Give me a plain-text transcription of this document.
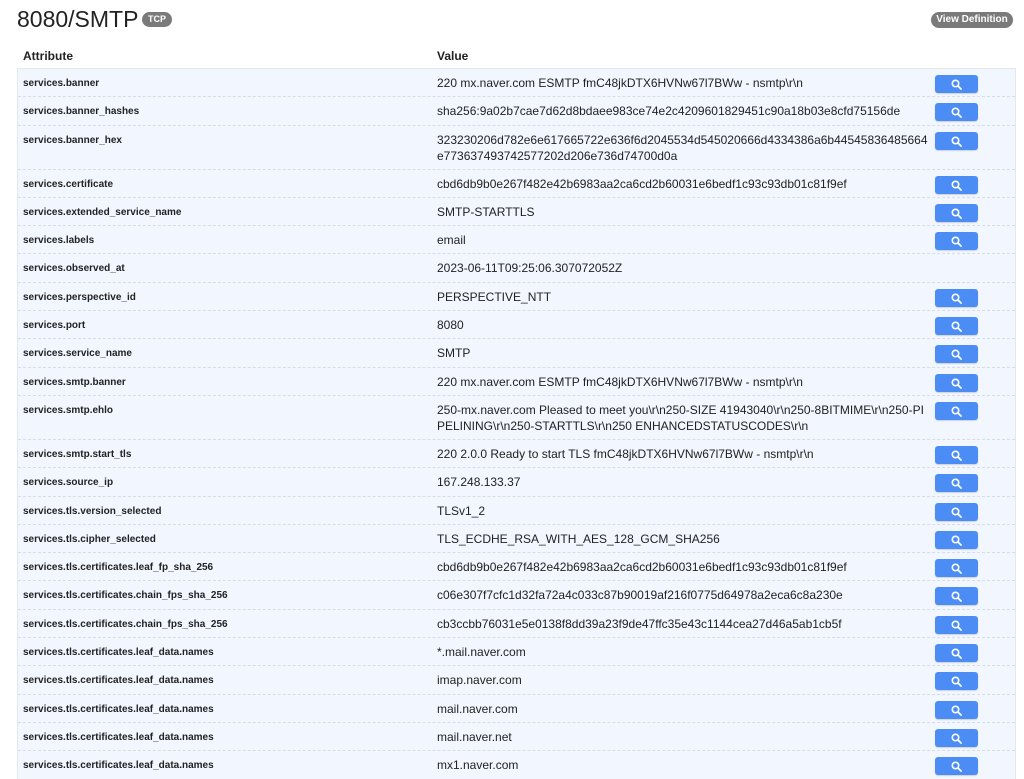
8080/SMTP	TCP	View Definition
Attribute	Value
services.banner	220 mx.naver.com ESMTP fmC48jkDTX6HVNw67l7BWw - nsmtp\r\n
services.banner_hashes	sha256:9a02b7cae7d62d8bdaee983ce74e2c4209601829451c90a18b03e8cfd75156de
services.banner_hex	323230206d782e6e617665722e636f6d2045534d545020666d4334386a6b44545836485664e773637493742577202d206e736d74700d0a
services.certificate	cbd6db9b0e267f482e42b6983aa2ca6cd2b60031e6bedf1c93c93db01c81f9ef
services.extended_service_name	SMTP-STARTTLS
services.labels	email
services.observed_at	2023-06-11T09:25:06.307072052Z
services.perspective_id	PERSPECTIVE_NTT
services.port	8080
services.service_name	SMTP
services.smtp.banner	220 mx.naver.com ESMTP fmC48jkDTX6HVNw67l7BWw - nsmtp\r\n
services.smtp.ehlo	250-mx.naver.com Pleased to meet you\r\n250-SIZE 41943040\r\n250-8BITMIME\r\n250-PIPELINING\r\n250-STARTTLS\r\n250 ENHANCEDSTATUSCODES\r\n
services.smtp.start_tls	220 2.0.0 Ready to start TLS fmC48jkDTX6HVNw67l7BWw - nsmtp\r\n
services.source_ip	167.248.133.37
services.tls.version_selected	TLSv1_2
services.tls.cipher_selected	TLS_ECDHE_RSA_WITH_AES_128_GCM_SHA256
services.tls.certificates.leaf_fp_sha_256	cbd6db9b0e267f482e42b6983aa2ca6cd2b60031e6bedf1c93c93db01c81f9ef
services.tls.certificates.chain_fps_sha_256	c06e307f7cfc1d32fa72a4c033c87b90019af216f0775d64978a2eca6c8a230e
services.tls.certificates.chain_fps_sha_256	cb3ccbb76031e5e0138f8dd39a23f9de47ffc35e43c1144cea27d46a5ab1cb5f
services.tls.certificates.leaf_data.names	*.mail.naver.com
services.tls.certificates.leaf_data.names	imap.naver.com
services.tls.certificates.leaf_data.names	mail.naver.com
services.tls.certificates.leaf_data.names	mail.naver.net
services.tls.certificates.leaf_data.names	mx1.naver.com
